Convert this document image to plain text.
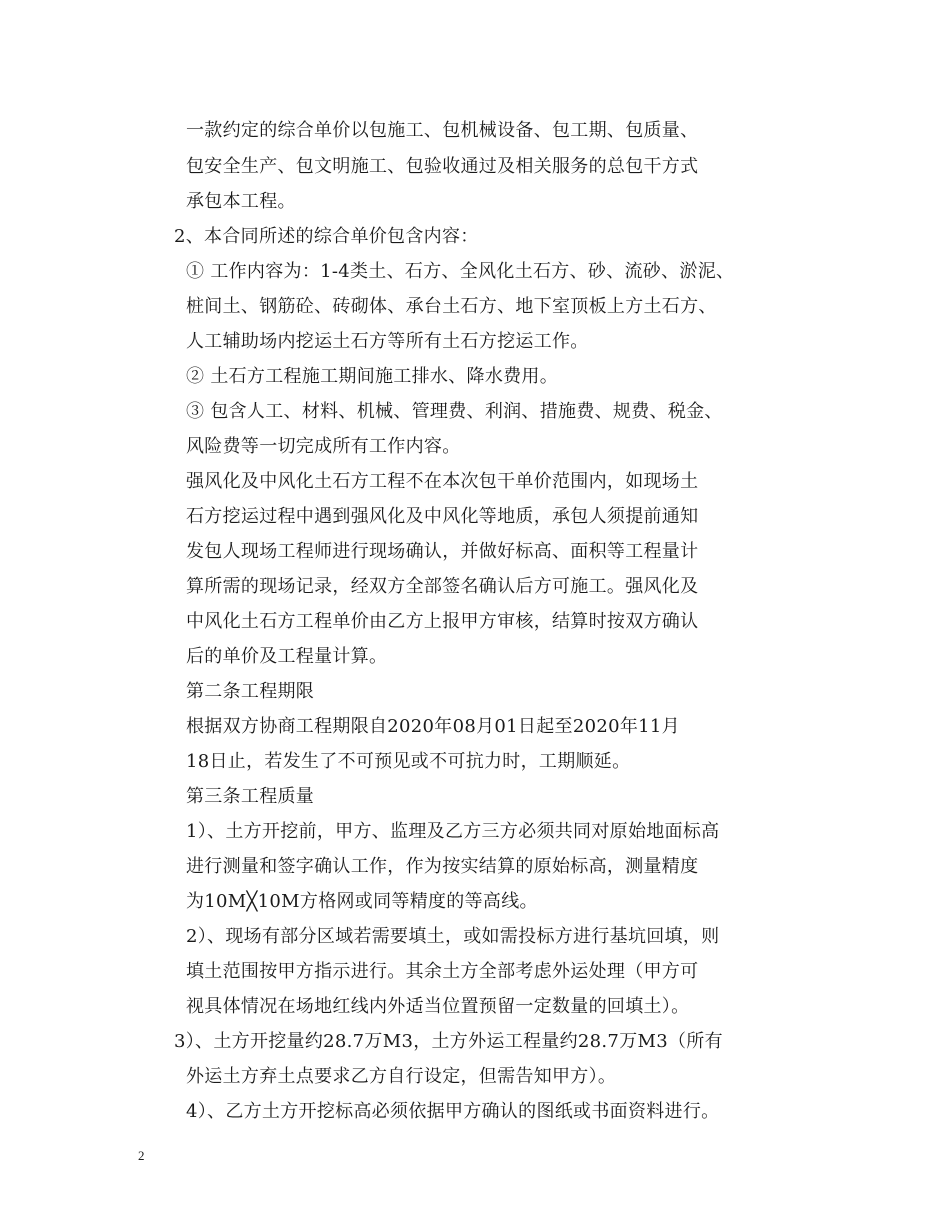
一款约定的综合单价以包施工、包机械设备、包工期、包质量、
包安全生产、包文明施工、包验收通过及相关服务的总包干方式
承包本工程。
2、本合同所述的综合单价包含内容：
① 工作内容为：1-4类土、石方、全风化土石方、砂、流砂、淤泥、
桩间土、钢筋砼、砖砌体、承台土石方、地下室顶板上方土石方、
人工辅助场内挖运土石方等所有土石方挖运工作。
② 土石方工程施工期间施工排水、降水费用。
③ 包含人工、材料、机械、管理费、利润、措施费、规费、税金、
风险费等一切完成所有工作内容。
强风化及中风化土石方工程不在本次包干单价范围内，如现场土
石方挖运过程中遇到强风化及中风化等地质，承包人须提前通知
发包人现场工程师进行现场确认，并做好标高、面积等工程量计
算所需的现场记录，经双方全部签名确认后方可施工。强风化及
中风化土石方工程单价由乙方上报甲方审核，结算时按双方确认
后的单价及工程量计算。
第二条工程期限
根据双方协商工程期限自2020年08月01日起至2020年11月
18日止，若发生了不可预见或不可抗力时，工期顺延。
第三条工程质量
1）、土方开挖前，甲方、监理及乙方三方必须共同对原始地面标高
进行测量和签字确认工作，作为按实结算的原始标高，测量精度
为10M╳10M方格网或同等精度的等高线。
2）、现场有部分区域若需要填土，或如需投标方进行基坑回填，则
填土范围按甲方指示进行。其余土方全部考虑外运处理（甲方可
视具体情况在场地红线内外适当位置预留一定数量的回填土）。
3）、土方开挖量约28.7万M3，土方外运工程量约28.7万M3（所有
外运土方弃土点要求乙方自行设定，但需告知甲方）。
4）、乙方土方开挖标高必须依据甲方确认的图纸或书面资料进行。
2
